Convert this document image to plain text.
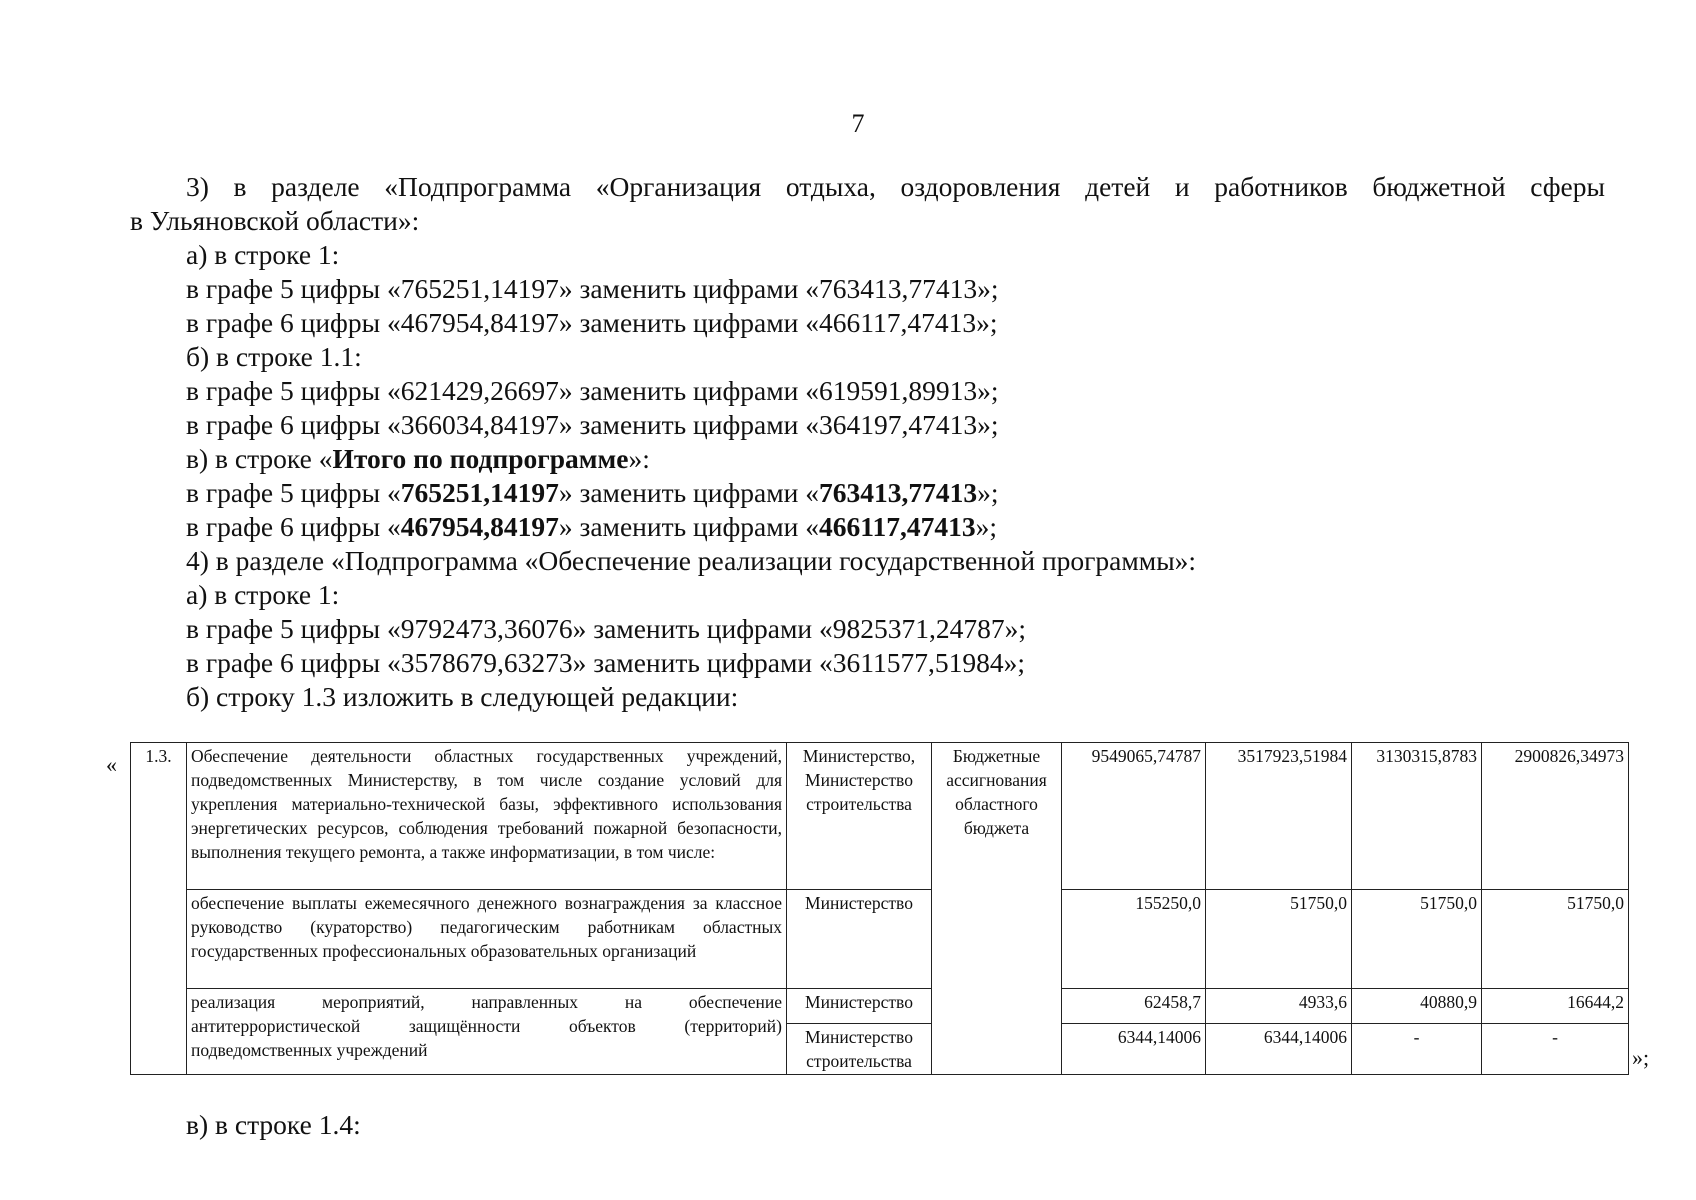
7
3) в разделе «Подпрограмма «Организация отдыха, оздоровления детей и работников бюджетной сферы
в Ульяновской области»:
а) в строке 1:
в графе 5 цифры «765251,14197» заменить цифрами «763413,77413»;
в графе 6 цифры «467954,84197» заменить цифрами «466117,47413»;
б) в строке 1.1:
в графе 5 цифры «621429,26697» заменить цифрами «619591,89913»;
в графе 6 цифры «366034,84197» заменить цифрами «364197,47413»;
в) в строке «Итого по подпрограмме»:
в графе 5 цифры «765251,14197» заменить цифрами «763413,77413»;
в графе 6 цифры «467954,84197» заменить цифрами «466117,47413»;
4) в разделе «Подпрограмма «Обеспечение реализации государственной программы»:
а) в строке 1:
в графе 5 цифры «9792473,36076» заменить цифрами «9825371,24787»;
в графе 6 цифры «3578679,63273» заменить цифрами «3611577,51984»;
б) строку 1.3 изложить в следующей редакции:
« 1.3.	Обеспечение деятельности областных государственных учреждений, подведомственных Министерству, в том числе создание условий для укрепления материально-технической базы, эффективного использования энергетических ресурсов, соблюдения требований пожарной безопасности, выполнения текущего ремонта, а также информатизации, в том числе:	Министерство, Министерство строительства	Бюджетные ассигнования областного бюджета	9549065,74787	3517923,51984	3130315,8783	2900826,34973
	обеспечение выплаты ежемесячного денежного вознаграждения за классное руководство (кураторство) педагогическим работникам областных государственных профессиональных образовательных организаций	Министерство		155250,0	51750,0	51750,0	51750,0
	реализация мероприятий, направленных на обеспечение антитеррористической защищённости объектов (территорий) подведомственных учреждений	Министерство		62458,7	4933,6	40880,9	16644,2
		Министерство строительства		6344,14006	6344,14006	-	-
»;
в) в строке 1.4:
